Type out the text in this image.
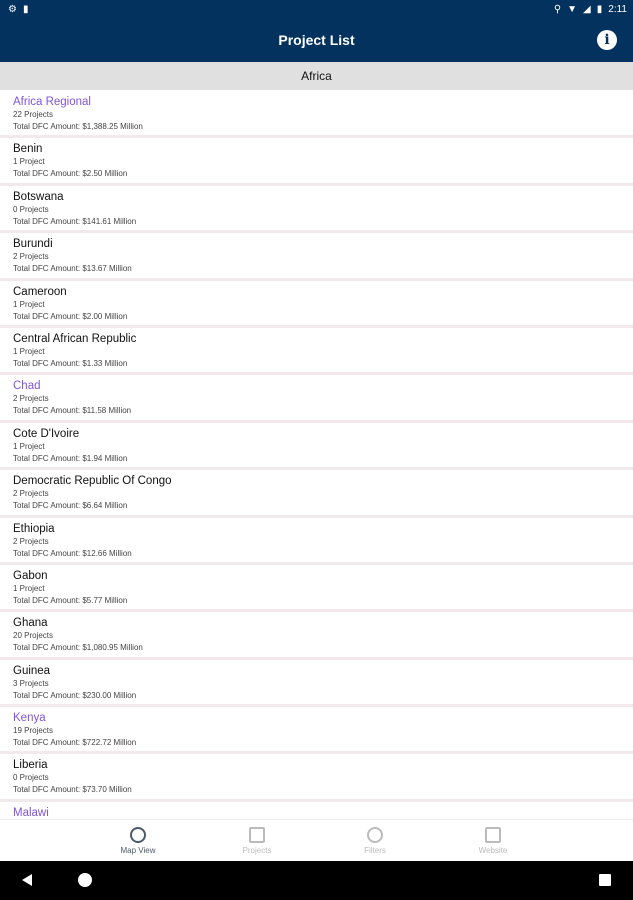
⚙ ▮	⚲ ▼ ◢ ▮ 2:11
Project List	i
Africa
Africa Regional
22 Projects
Total DFC Amount: $1,388.25 Million
Benin
1 Project
Total DFC Amount: $2.50 Million
Botswana
0 Projects
Total DFC Amount: $141.61 Million
Burundi
2 Projects
Total DFC Amount: $13.67 Million
Cameroon
1 Project
Total DFC Amount: $2.00 Million
Central African Republic
1 Project
Total DFC Amount: $1.33 Million
Chad
2 Projects
Total DFC Amount: $11.58 Million
Cote D'Ivoire
1 Project
Total DFC Amount: $1.94 Million
Democratic Republic Of Congo
2 Projects
Total DFC Amount: $6.64 Million
Ethiopia
2 Projects
Total DFC Amount: $12.66 Million
Gabon
1 Project
Total DFC Amount: $5.77 Million
Ghana
20 Projects
Total DFC Amount: $1,080.95 Million
Guinea
3 Projects
Total DFC Amount: $230.00 Million
Kenya
19 Projects
Total DFC Amount: $722.72 Million
Liberia
0 Projects
Total DFC Amount: $73.70 Million
Malawi
Map View	Projects	Filters	Website
